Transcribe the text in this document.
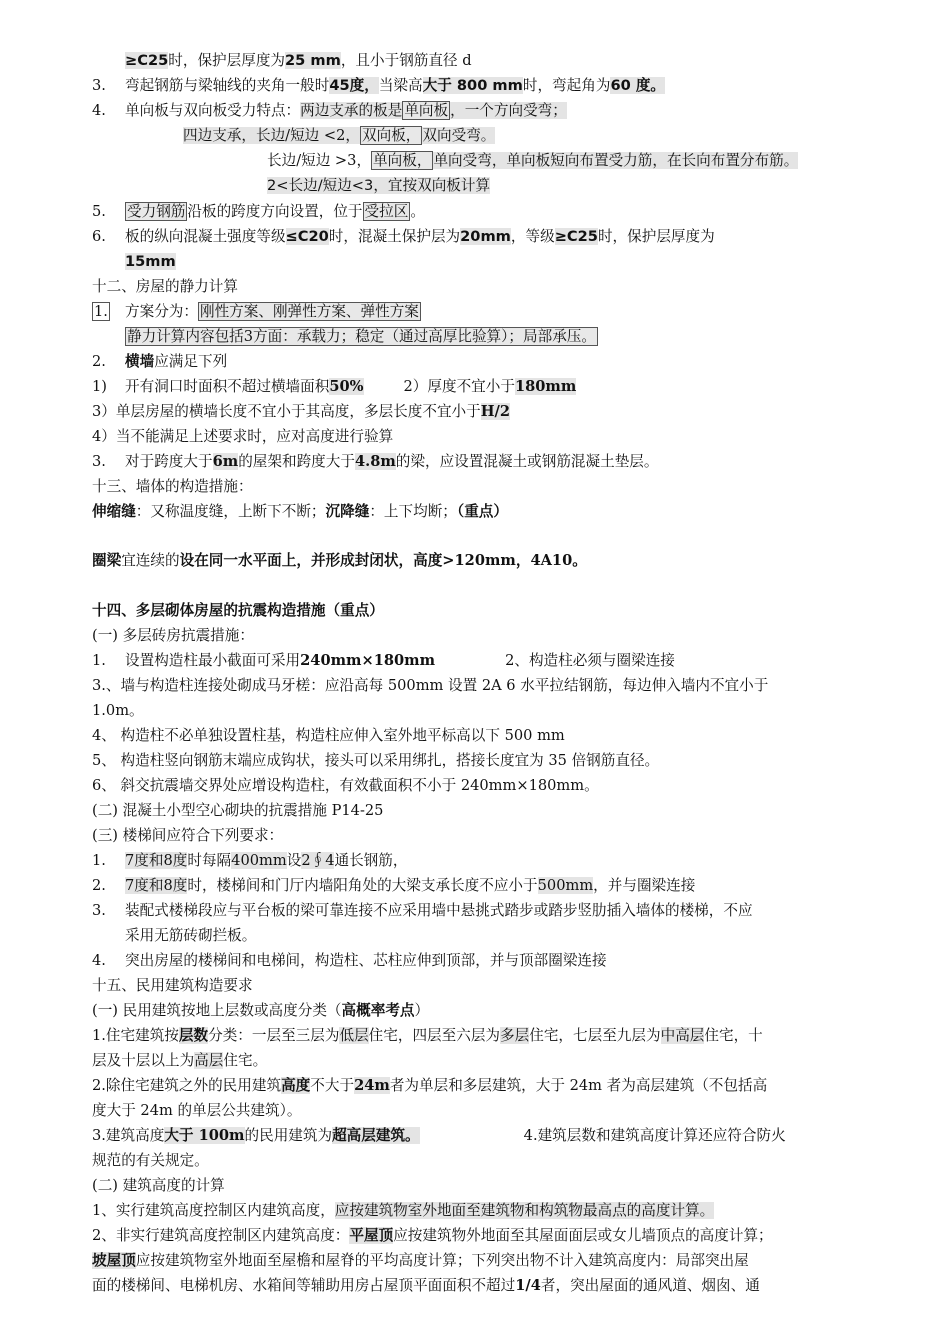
≥C25时，保护层厚度为25 mm，且小于钢筋直径 d
3. 弯起钢筋与梁轴线的夹角一般时45度，当梁高大于 800 mm时，弯起角为60 度。
4. 单向板与双向板受力特点：两边支承的板是 单向板 ，一个方向受弯；
四边支承，长边/短边 <2， 双向板， 双向受弯。
长边/短边 >3， 单向板， 单向受弯，单向板短向布置受力筋，在长向布置分布筋。
2<长边/短边<3，宜按双向板计算
5. 受力钢筋 沿板的跨度方向设置，位于 受拉区 。
6. 板的纵向混凝土强度等级≤C20时，混凝土保护层为20mm，等级≥C25时，保护层厚度为
15mm
十二、房屋的静力计算
1. 方案分为： 刚性方案、刚弹性方案、弹性方案
静力计算内容包括3方面：承载力；稳定（通过高厚比验算）；局部承压。
2. 横墙应满足下列
1) 开有洞口时面积不超过横墙面积50%	2）厚度不宜小于180mm
3）单层房屋的横墙长度不宜小于其高度，多层长度不宜小于H/2
4）当不能满足上述要求时，应对高度进行验算
3. 对于跨度大于6m的屋架和跨度大于4.8m的梁，应设置混凝土或钢筋混凝土垫层。
十三、墙体的构造措施：
伸缩缝：又称温度缝，上断下不断；沉降缝：上下均断；（重点）
圈梁宜连续的设在同一水平面上，并形成封闭状，高度>120mm，4A10。
十四、多层砌体房屋的抗震构造措施（重点）
(一) 多层砖房抗震措施：
1. 设置构造柱最小截面可采用240mm×180mm	2、构造柱必须与圈梁连接
3.、墙与构造柱连接处砌成马牙槎：应沿高每 500mm 设置 2A 6 水平拉结钢筋，每边伸入墙内不宜小于
1.0m。
4、 构造柱不必单独设置柱基，构造柱应伸入室外地平标高以下 500 mm
5、 构造柱竖向钢筋末端应成钩状，接头可以采用绑扎，搭接长度宜为 35 倍钢筋直径。
6、 斜交抗震墙交界处应增设构造柱，有效截面积不小于 240mm×180mm。
(二) 混凝土小型空心砌块的抗震措施 P14-25
(三) 楼梯间应符合下列要求：
1. 7度和8度时每隔400mm设2∮4通长钢筋，
2. 7度和8度时，楼梯间和门厅内墙阳角处的大梁支承长度不应小于500mm，并与圈梁连接
3. 装配式楼梯段应与平台板的梁可靠连接不应采用墙中悬挑式踏步或踏步竖肋插入墙体的楼梯，不应
采用无筋砖砌拦板。
4. 突出房屋的楼梯间和电梯间，构造柱、芯柱应伸到顶部，并与顶部圈梁连接
十五、民用建筑构造要求
(一) 民用建筑按地上层数或高度分类（高概率考点）
1.住宅建筑按层数分类：一层至三层为低层住宅，四层至六层为多层住宅，七层至九层为中高层住宅，十
层及十层以上为高层住宅。
2.除住宅建筑之外的民用建筑高度不大于24m者为单层和多层建筑，大于 24m 者为高层建筑（不包括高
度大于 24m 的单层公共建筑）。
3.建筑高度大于 100m的民用建筑为超高层建筑。	4.建筑层数和建筑高度计算还应符合防火
规范的有关规定。
(二) 建筑高度的计算
1、实行建筑高度控制区内建筑高度，应按建筑物室外地面至建筑物和构筑物最高点的高度计算。
2、非实行建筑高度控制区内建筑高度：平屋顶应按建筑物外地面至其屋面面层或女儿墙顶点的高度计算；
坡屋顶应按建筑物室外地面至屋檐和屋脊的平均高度计算；下列突出物不计入建筑高度内：局部突出屋
面的楼梯间、电梯机房、水箱间等辅助用房占屋顶平面面积不超过1/4者，突出屋面的通风道、烟囱、通
